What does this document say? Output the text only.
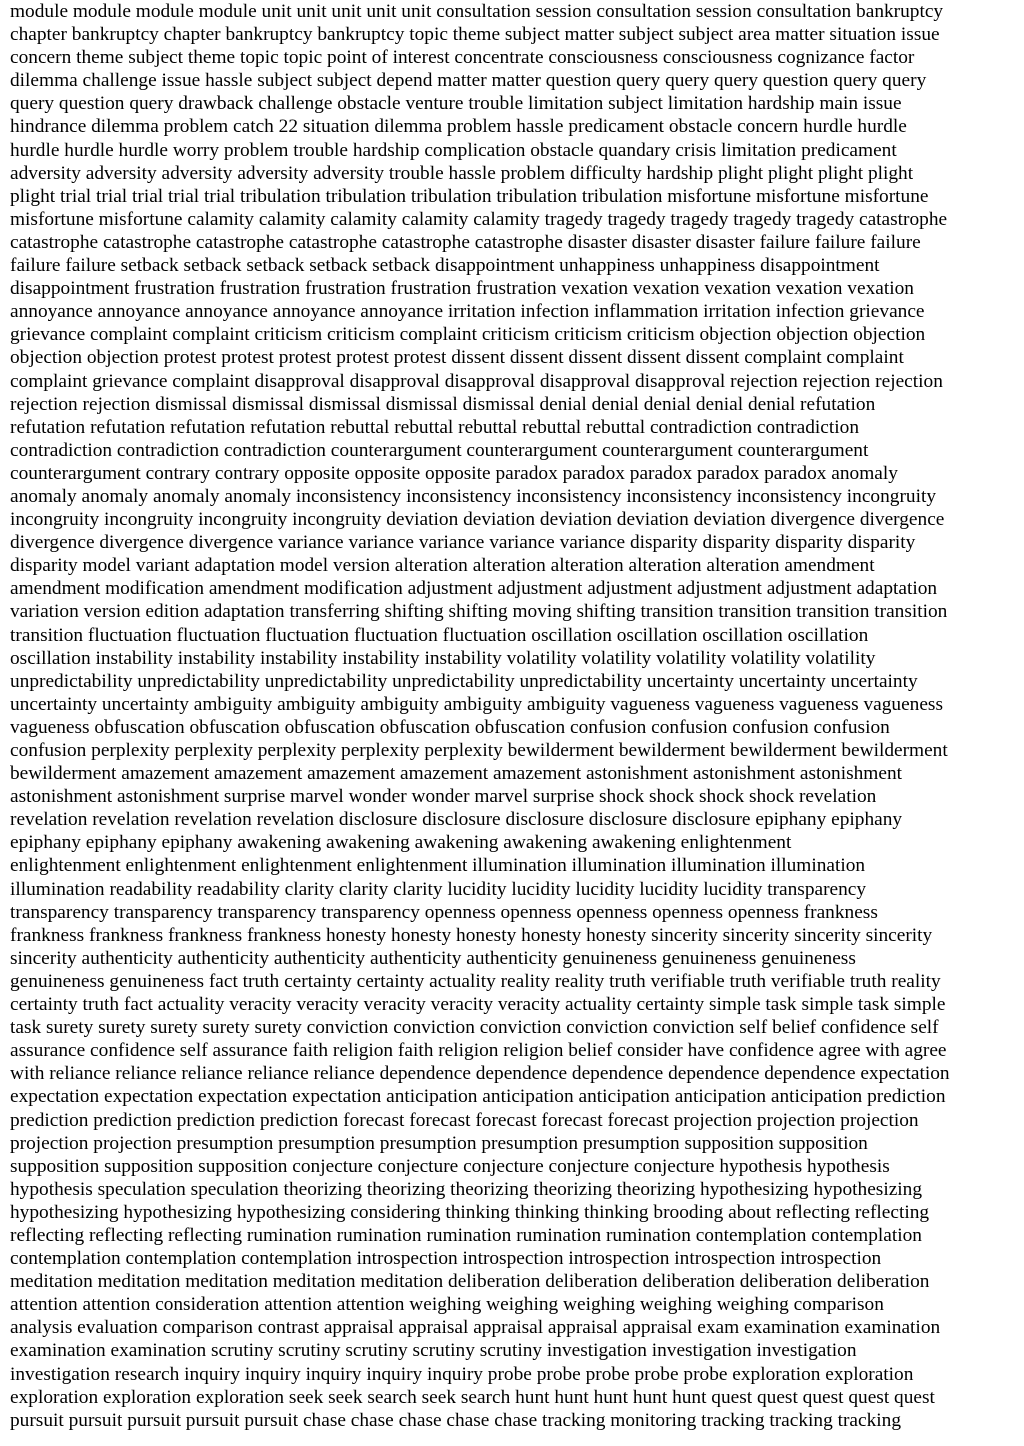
module module module module unit unit unit unit unit consultation session consultation session consultation bankruptcy
chapter bankruptcy chapter bankruptcy bankruptcy topic theme subject matter subject subject area matter situation issue
concern theme subject theme topic topic point of interest concentrate consciousness consciousness cognizance factor
dilemma challenge issue hassle subject subject depend matter matter question query query query question query query
query question query drawback challenge obstacle venture trouble limitation subject limitation hardship main issue
hindrance dilemma problem catch 22 situation dilemma problem hassle predicament obstacle concern hurdle hurdle
hurdle hurdle hurdle worry problem trouble hardship complication obstacle quandary crisis limitation predicament
adversity adversity adversity adversity adversity trouble hassle problem difficulty hardship plight plight plight plight
plight trial trial trial trial trial tribulation tribulation tribulation tribulation tribulation misfortune misfortune misfortune
misfortune misfortune calamity calamity calamity calamity calamity tragedy tragedy tragedy tragedy tragedy catastrophe
catastrophe catastrophe catastrophe catastrophe catastrophe catastrophe disaster disaster disaster failure failure failure
failure failure setback setback setback setback setback disappointment unhappiness unhappiness disappointment
disappointment frustration frustration frustration frustration frustration vexation vexation vexation vexation vexation
annoyance annoyance annoyance annoyance annoyance irritation infection inflammation irritation infection grievance
grievance complaint complaint criticism criticism complaint criticism criticism criticism objection objection objection
objection objection protest protest protest protest protest dissent dissent dissent dissent dissent complaint complaint
complaint grievance complaint disapproval disapproval disapproval disapproval disapproval rejection rejection rejection
rejection rejection dismissal dismissal dismissal dismissal dismissal denial denial denial denial denial refutation
refutation refutation refutation refutation rebuttal rebuttal rebuttal rebuttal rebuttal contradiction contradiction
contradiction contradiction contradiction counterargument counterargument counterargument counterargument
counterargument contrary contrary opposite opposite opposite paradox paradox paradox paradox paradox anomaly
anomaly anomaly anomaly anomaly inconsistency inconsistency inconsistency inconsistency inconsistency incongruity
incongruity incongruity incongruity incongruity deviation deviation deviation deviation deviation divergence divergence
divergence divergence divergence variance variance variance variance variance disparity disparity disparity disparity
disparity model variant adaptation model version alteration alteration alteration alteration alteration amendment
amendment modification amendment modification adjustment adjustment adjustment adjustment adjustment adaptation
variation version edition adaptation transferring shifting shifting moving shifting transition transition transition transition
transition fluctuation fluctuation fluctuation fluctuation fluctuation oscillation oscillation oscillation oscillation
oscillation instability instability instability instability instability volatility volatility volatility volatility volatility
unpredictability unpredictability unpredictability unpredictability unpredictability uncertainty uncertainty uncertainty
uncertainty uncertainty ambiguity ambiguity ambiguity ambiguity ambiguity vagueness vagueness vagueness vagueness
vagueness obfuscation obfuscation obfuscation obfuscation obfuscation confusion confusion confusion confusion
confusion perplexity perplexity perplexity perplexity perplexity bewilderment bewilderment bewilderment bewilderment
bewilderment amazement amazement amazement amazement amazement astonishment astonishment astonishment
astonishment astonishment surprise marvel wonder wonder marvel surprise shock shock shock shock revelation
revelation revelation revelation revelation disclosure disclosure disclosure disclosure disclosure epiphany epiphany
epiphany epiphany epiphany awakening awakening awakening awakening awakening enlightenment
enlightenment enlightenment enlightenment enlightenment illumination illumination illumination illumination
illumination readability readability clarity clarity clarity lucidity lucidity lucidity lucidity lucidity transparency
transparency transparency transparency transparency openness openness openness openness openness frankness
frankness frankness frankness frankness honesty honesty honesty honesty honesty sincerity sincerity sincerity sincerity
sincerity authenticity authenticity authenticity authenticity authenticity genuineness genuineness genuineness
genuineness genuineness fact truth certainty certainty actuality reality reality truth verifiable truth verifiable truth reality
certainty truth fact actuality veracity veracity veracity veracity veracity actuality certainty simple task simple task simple
task surety surety surety surety surety conviction conviction conviction conviction conviction self belief confidence self
assurance confidence self assurance faith religion faith religion religion belief consider have confidence agree with agree
with reliance reliance reliance reliance reliance dependence dependence dependence dependence dependence expectation
expectation expectation expectation expectation anticipation anticipation anticipation anticipation anticipation prediction
prediction prediction prediction prediction forecast forecast forecast forecast forecast projection projection projection
projection projection presumption presumption presumption presumption presumption supposition supposition
supposition supposition supposition conjecture conjecture conjecture conjecture conjecture hypothesis hypothesis
hypothesis speculation speculation theorizing theorizing theorizing theorizing theorizing hypothesizing hypothesizing
hypothesizing hypothesizing hypothesizing considering thinking thinking thinking brooding about reflecting reflecting
reflecting reflecting reflecting rumination rumination rumination rumination rumination contemplation contemplation
contemplation contemplation contemplation introspection introspection introspection introspection introspection
meditation meditation meditation meditation meditation deliberation deliberation deliberation deliberation deliberation
attention attention consideration attention attention weighing weighing weighing weighing weighing comparison
analysis evaluation comparison contrast appraisal appraisal appraisal appraisal appraisal exam examination examination
examination examination scrutiny scrutiny scrutiny scrutiny scrutiny investigation investigation investigation
investigation research inquiry inquiry inquiry inquiry inquiry probe probe probe probe probe exploration exploration
exploration exploration exploration seek seek search seek search hunt hunt hunt hunt hunt quest quest quest quest quest
pursuit pursuit pursuit pursuit pursuit chase chase chase chase chase tracking monitoring tracking tracking tracking
